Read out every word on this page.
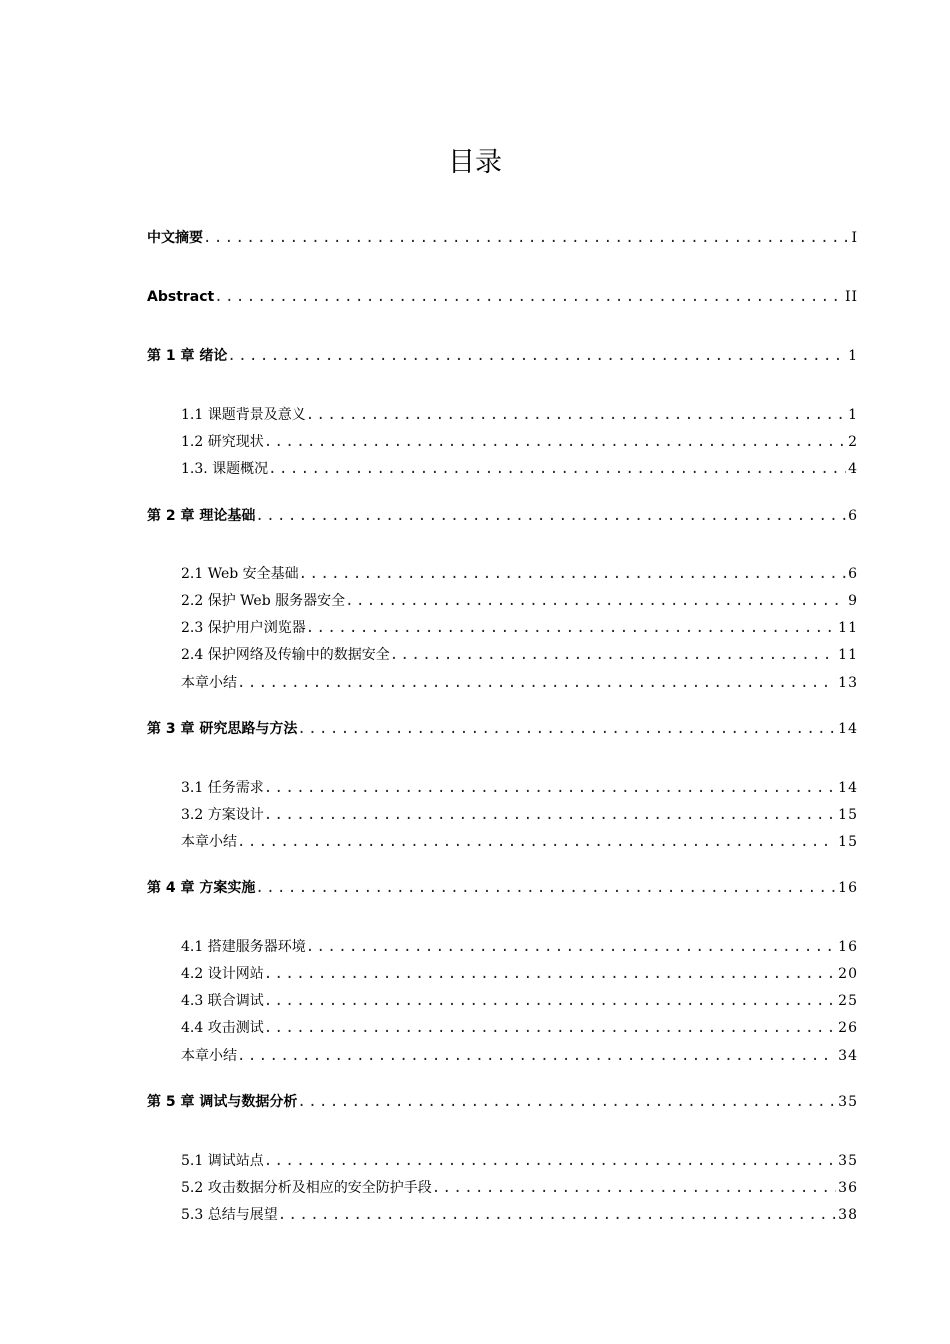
目录
中文摘要 .....	I
Abstract .....	II
第 1 章 绪论 .....	1
1.1 课题背景及意义 .....	1
1.2 研究现状 .....	2
1.3. 课题概况 .....	4
第 2 章 理论基础 .....	6
2.1 Web 安全基础 .....	6
2.2 保护 Web 服务器安全 .....	9
2.3 保护用户浏览器 .....	11
2.4 保护网络及传输中的数据安全 .....	11
本章小结 .....	13
第 3 章 研究思路与方法 .....	14
3.1 任务需求 .....	14
3.2 方案设计 .....	15
本章小结 .....	15
第 4 章 方案实施 .....	16
4.1 搭建服务器环境 .....	16
4.2 设计网站 .....	20
4.3 联合调试 .....	25
4.4 攻击测试 .....	26
本章小结 .....	34
第 5 章 调试与数据分析 .....	35
5.1 调试站点 .....	35
5.2 攻击数据分析及相应的安全防护手段 .....	36
5.3 总结与展望 .....	38
